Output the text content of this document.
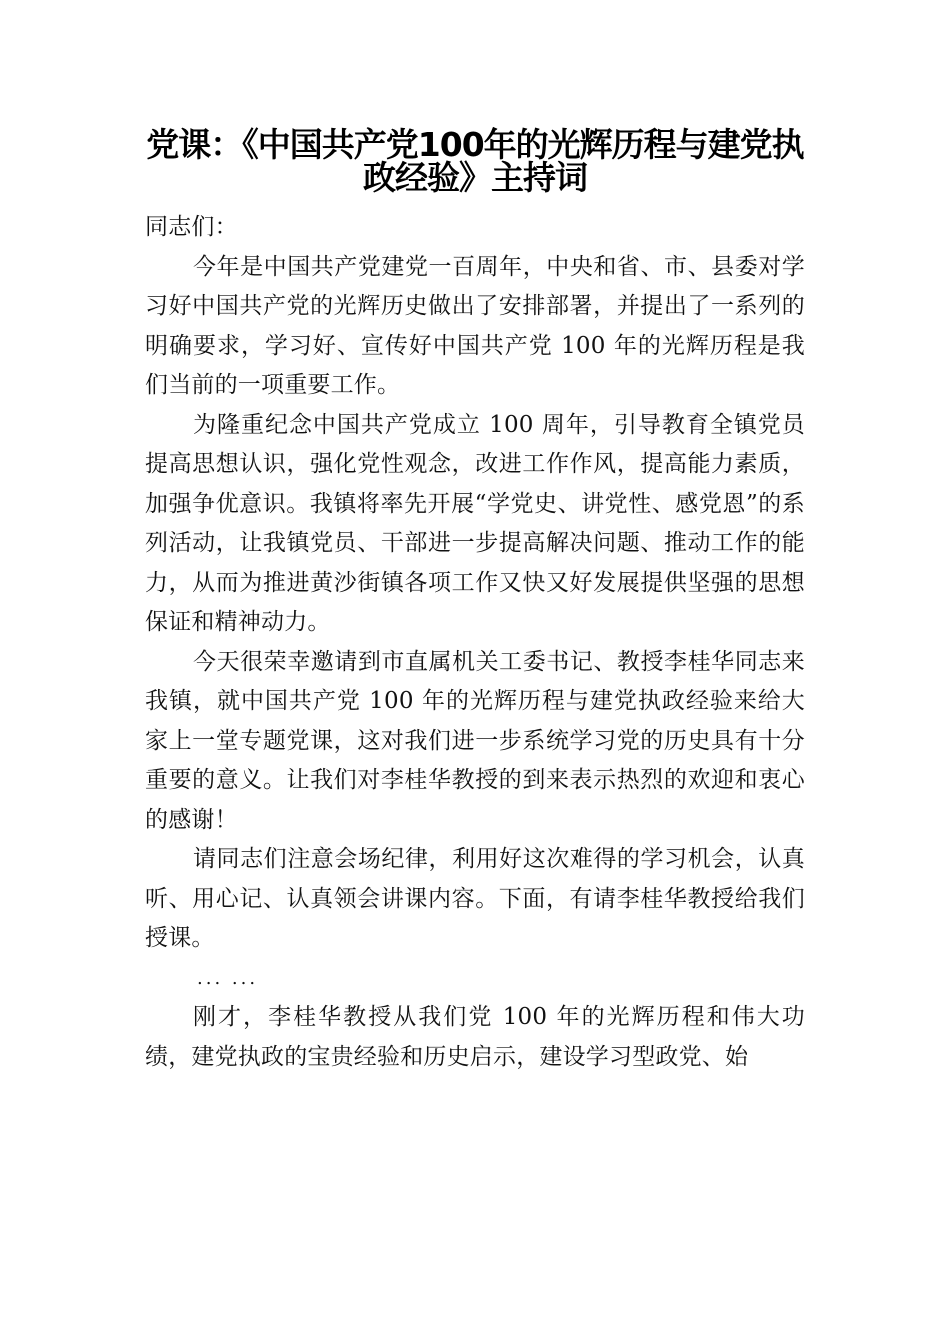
党课：《中国共产党100年的光辉历程与建党执政经验》主持词

同志们：

今年是中国共产党建党一百周年，中央和省、市、县委对学习好中国共产党的光辉历史做出了安排部署，并提出了一系列的明确要求，学习好、宣传好中国共产党 100 年的光辉历程是我们当前的一项重要工作。

为隆重纪念中国共产党成立 100 周年，引导教育全镇党员提高思想认识，强化党性观念，改进工作作风，提高能力素质，加强争优意识。我镇将率先开展“学党史、讲党性、感党恩”的系列活动，让我镇党员、干部进一步提高解决问题、推动工作的能力，从而为推进黄沙街镇各项工作又快又好发展提供坚强的思想保证和精神动力。

今天很荣幸邀请到市直属机关工委书记、教授李桂华同志来我镇，就中国共产党 100 年的光辉历程与建党执政经验来给大家上一堂专题党课，这对我们进一步系统学习党的历史具有十分重要的意义。让我们对李桂华教授的到来表示热烈的欢迎和衷心的感谢！

请同志们注意会场纪律，利用好这次难得的学习机会，认真听、用心记、认真领会讲课内容。下面，有请李桂华教授给我们授课。

... ...

刚才，李桂华教授从我们党 100 年的光辉历程和伟大功绩，建党执政的宝贵经验和历史启示，建设学习型政党、始
